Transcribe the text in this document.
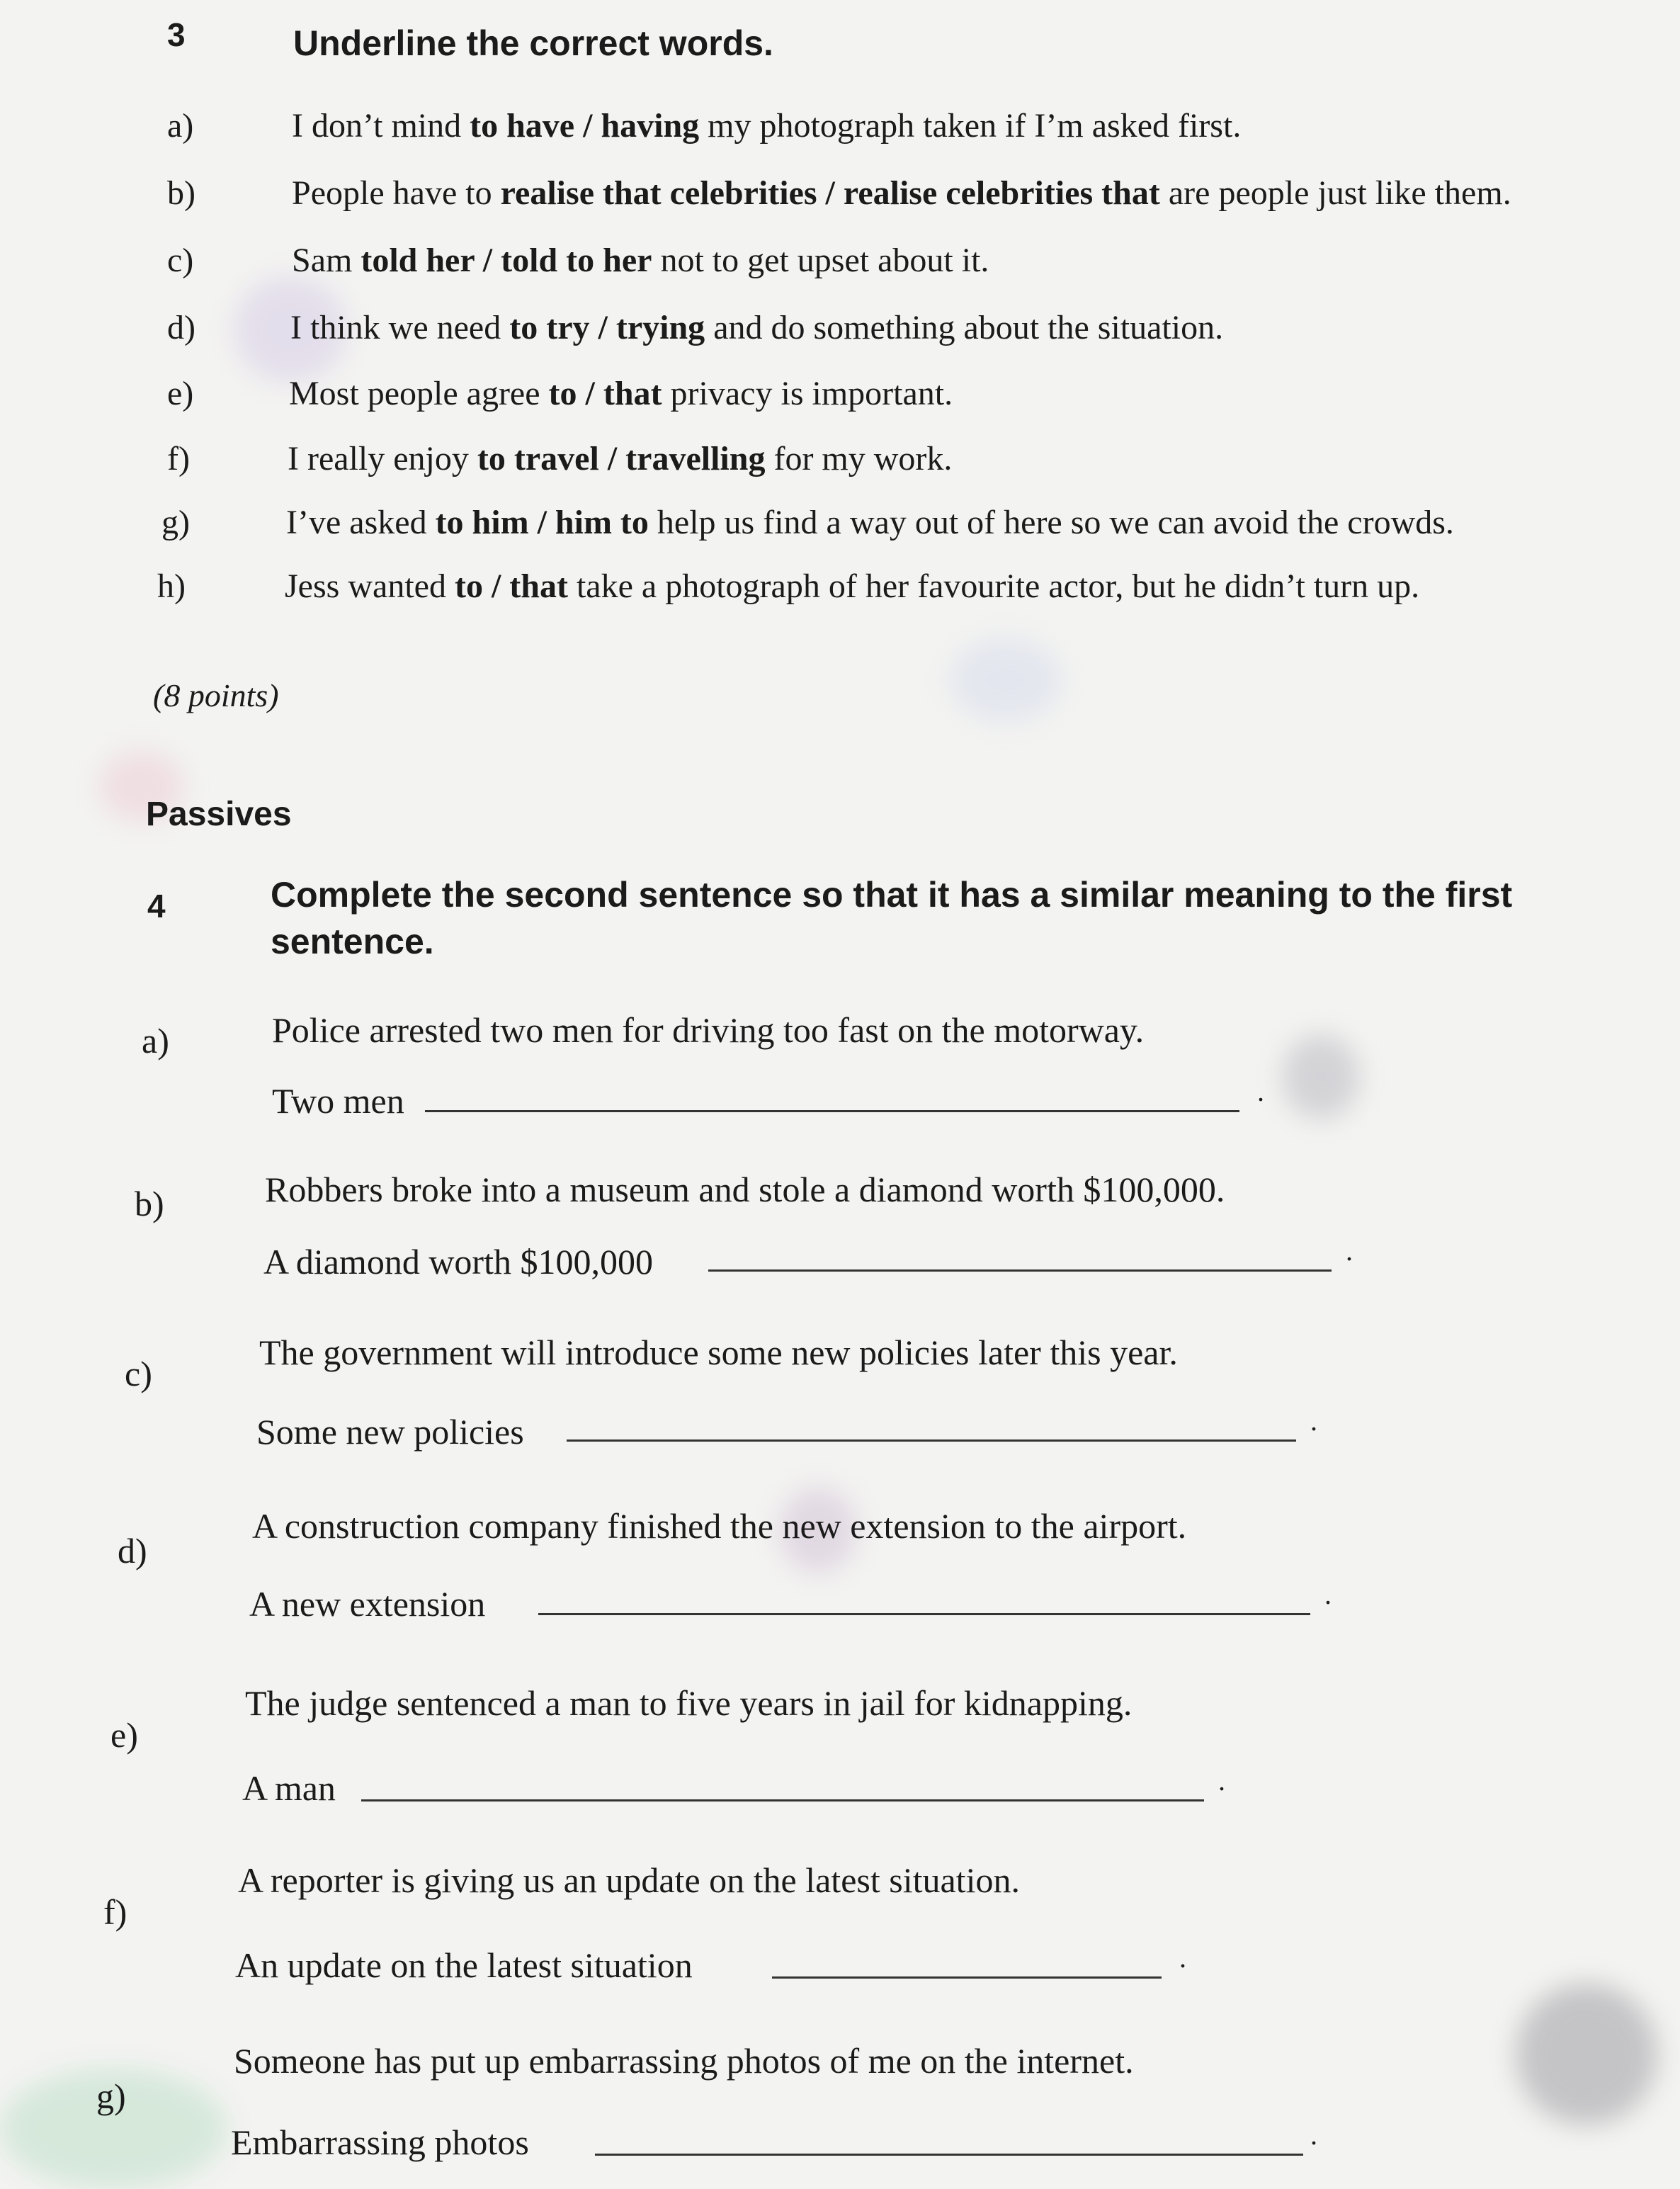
3	Underline the correct words.
a)	I don’t mind to have / having my photograph taken if I’m asked first.
b)	People have to realise that celebrities / realise celebrities that are people just like them.
c)	Sam told her / told to her not to get upset about it.
d)	I think we need to try / trying and do something about the situation.
e)	Most people agree to / that privacy is important.
f)	I really enjoy to travel / travelling for my work.
g)	I’ve asked to him / him to help us find a way out of here so we can avoid the crowds.
h)	Jess wanted to / that take a photograph of her favourite actor, but he didn’t turn up.
(8 points)
Passives
4	Complete the second sentence so that it has a similar meaning to the first sentence.
a)	Police arrested two men for driving too fast on the motorway.
Two men	.
b)	Robbers broke into a museum and stole a diamond worth $100,000.
A diamond worth $100,000	.
c)
The government will introduce some new policies later this year.
Some new policies	.
d)
A construction company finished the new extension to the airport.
A new extension	.
e)
The judge sentenced a man to five years in jail for kidnapping.
A man	.
f)
A reporter is giving us an update on the latest situation.
An update on the latest situation	.
g)
Someone has put up embarrassing photos of me on the internet.
Embarrassing photos	.
